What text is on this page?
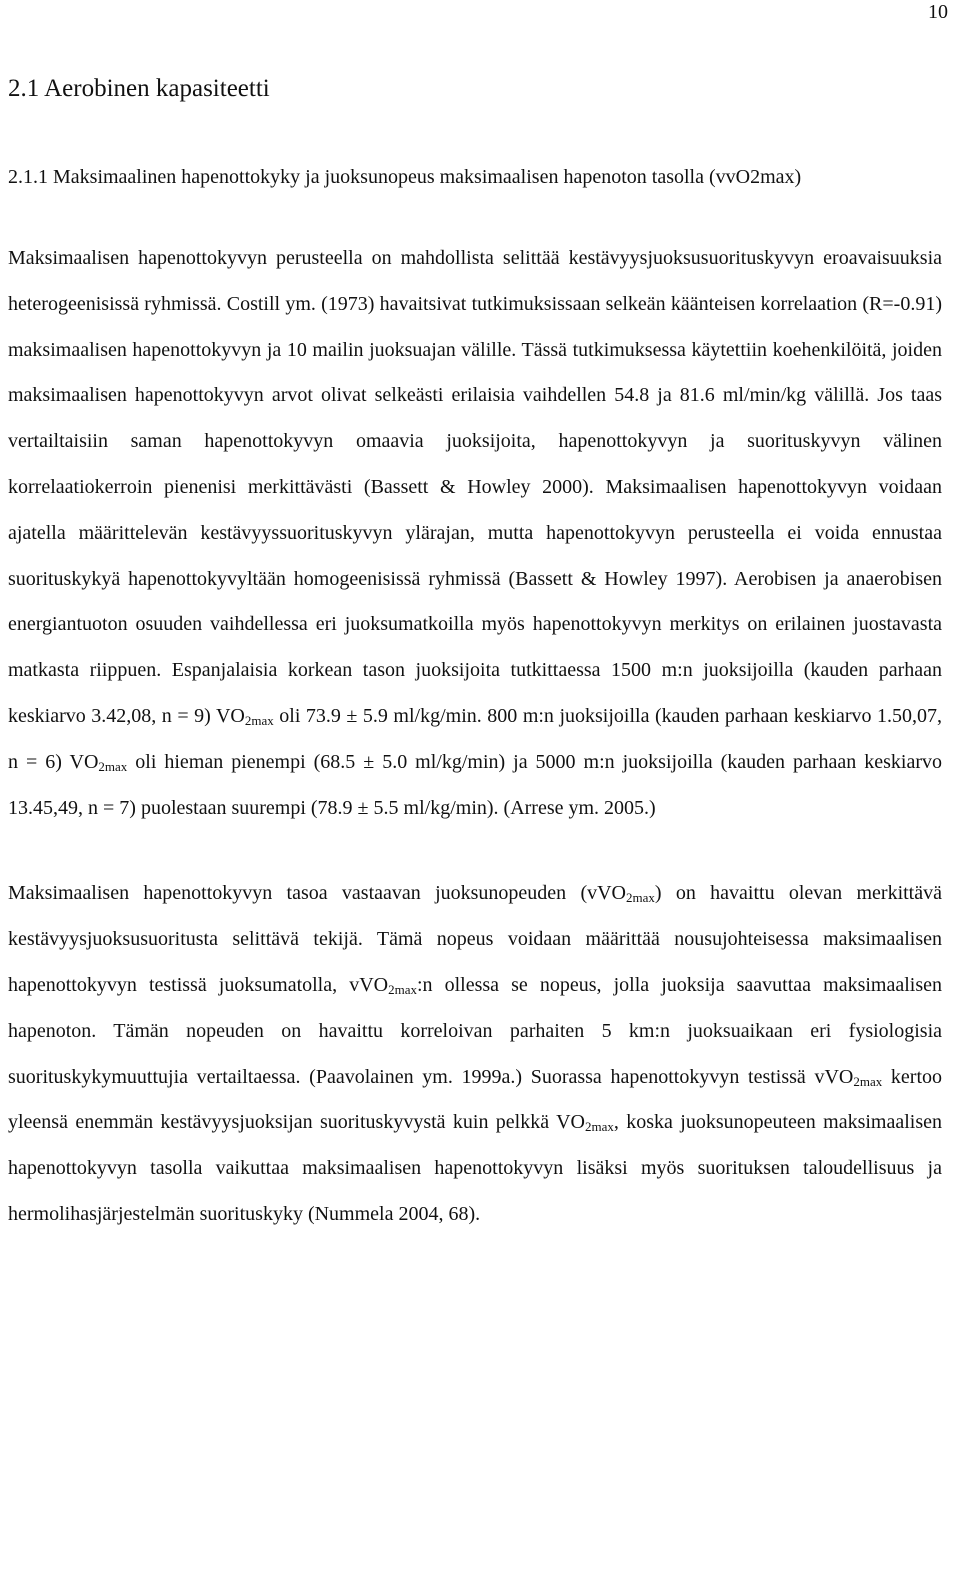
10
2.1 Aerobinen kapasiteetti
2.1.1 Maksimaalinen hapenottokyky ja juoksunopeus maksimaalisen hapenoton tasolla (vvO2max)

Maksimaalisen hapenottokyvyn perusteella on mahdollista selittää kestävyysjuoksusuorituskyvyn eroavaisuuksia heterogeenisissä ryhmissä. Costill ym. (1973) havaitsivat tutkimuksissaan selkeän käänteisen korrelaation (R=-0.91) maksimaalisen hapenottokyvyn ja 10 mailin juoksuajan välille. Tässä tutkimuksessa käytettiin koehenkilöitä, joiden maksimaalisen hapenottokyvyn arvot olivat selkeästi erilaisia vaihdellen 54.8 ja 81.6 ml/min/kg välillä. Jos taas vertailtaisiin saman hapenottokyvyn omaavia juoksijoita, hapenottokyvyn ja suorituskyvyn välinen korrelaatiokerroin pienenisi merkittävästi (Bassett & Howley 2000). Maksimaalisen hapenottokyvyn voidaan ajatella määrittelevän kestävyyssuorituskyvyn ylärajan, mutta hapenottokyvyn perusteella ei voida ennustaa suorituskykyä hapenottokyvyltään homogeenisissä ryhmissä (Bassett & Howley 1997). Aerobisen ja anaerobisen energiantuoton osuuden vaihdellessa eri juoksumatkoilla myös hapenottokyvyn merkitys on erilainen juostavasta matkasta riippuen. Espanjalaisia korkean tason juoksijoita tutkittaessa 1500 m:n juoksijoilla (kauden parhaan keskiarvo 3.42,08, n = 9) $VO_{2max}$ oli 73.9 ± 5.9 ml/kg/min. 800 m:n juoksijoilla (kauden parhaan keskiarvo 1.50,07, n = 6) $VO_{2max}$ oli hieman pienempi (68.5 ± 5.0 ml/kg/min) ja 5000 m:n juoksijoilla (kauden parhaan keskiarvo 13.45,49, n = 7) puolestaan suurempi (78.9 ± 5.5 ml/kg/min). (Arrese ym. 2005.)

Maksimaalisen hapenottokyvyn tasoa vastaavan juoksunopeuden (vVO$_{2max}$) on havaittu olevan merkittävä kestävyysjuoksusuoritusta selittävä tekijä. Tämä nopeus voidaan määrittää nousujohteisessa maksimaalisen hapenottokyvyn testissä juoksumatolla, vVO$_{2max}$:n ollessa se nopeus, jolla juoksija saavuttaa maksimaalisen hapenoton. Tämän nopeuden on havaittu korreloivan parhaiten 5 km:n juoksuaikaan eri fysiologisia suorituskykymuuttujia vertailtaessa. (Paavolainen ym. 1999a.) Suorassa hapenottokyvyn testissä vVO$_{2max}$ kertoo yleensä enemmän kestävyysjuoksijan suorituskyvystä kuin pelkkä $VO_{2max}$, koska juoksunopeuteen maksimaalisen hapenottokyvyn tasolla vaikuttaa maksimaalisen hapenottokyvyn lisäksi myös suorituksen taloudellisuus ja hermolihasjärjestelmän suorituskyky (Nummela 2004, 68).
